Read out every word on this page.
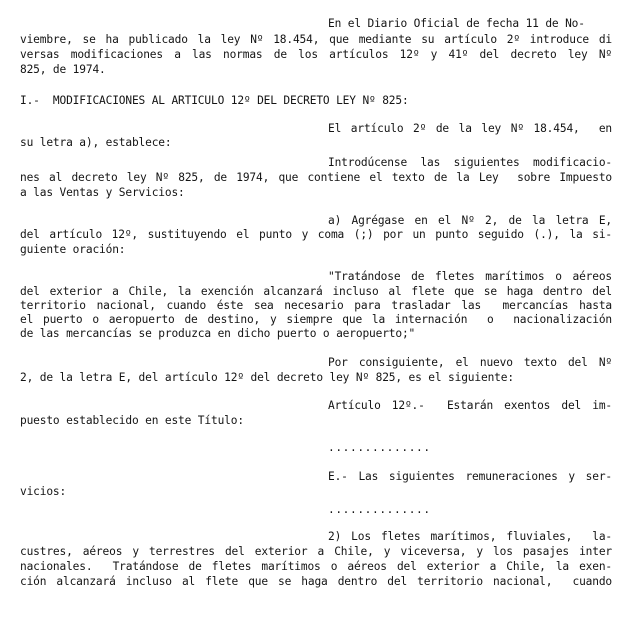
En el Diario Oficial de fecha 11 de No-
viembre, se ha publicado la ley Nº 18.454, que mediante su artículo 2º introduce di
versas modificaciones a las normas de los artículos 12º y 41º del decreto ley Nº
825, de 1974.
I.-  MODIFICACIONES AL ARTICULO 12º DEL DECRETO LEY Nº 825:
El artículo 2º de la ley Nº 18.454,  en
su letra a), establece:
Introdúcense las siguientes modificacio-
nes al decreto ley Nº 825, de 1974, que contiene el texto de la Ley  sobre Impuesto
a las Ventas y Servicios:
a) Agrégase en el Nº 2, de la letra E,
del artículo 12º, sustituyendo el punto y coma (;) por un punto seguido (.), la si-
guiente oración:
"Tratándose de fletes marítimos o aéreos
del exterior a Chile, la exención alcanzará incluso al flete que se haga dentro del
territorio nacional, cuando éste sea necesario para trasladar las  mercancías hasta
el puerto o aeropuerto de destino, y siempre que la internación  o  nacionalización
de las mercancías se produzca en dicho puerto o aeropuerto;"
Por consiguiente, el nuevo texto del Nº
2, de la letra E, del artículo 12º del decreto ley Nº 825, es el siguiente:
Artículo 12º.-  Estarán exentos del im-
puesto establecido en este Título:
..............
E.- Las siguientes remuneraciones y ser-
vicios:
..............
2) Los fletes marítimos, fluviales,  la-
custres, aéreos y terrestres del exterior a Chile, y viceversa, y los pasajes inter
nacionales.  Tratándose de fletes marítimos o aéreos del exterior a Chile, la exen-
ción alcanzará incluso al flete que se haga dentro del territorio nacional,  cuando
